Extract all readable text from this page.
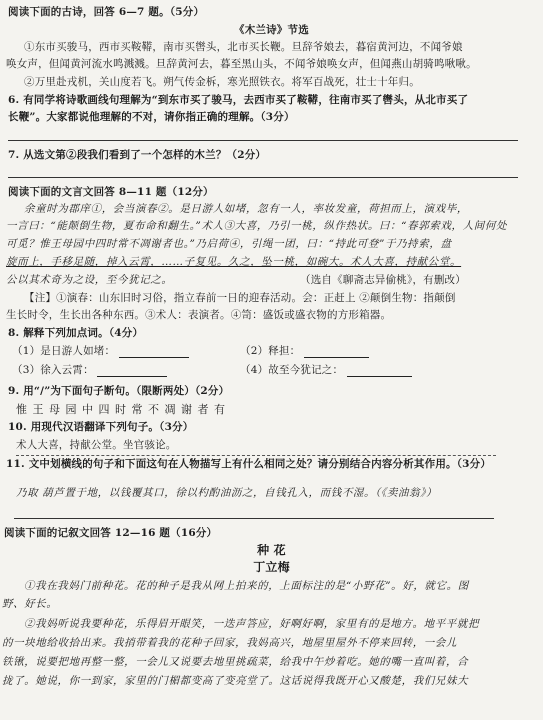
阅读下面的古诗，回答 6—7 题。（5分）
《木兰诗》节选
①东市买骏马，西市买鞍鞯，南市买辔头，北市买长鞭。旦辞爷娘去，暮宿黄河边，不闻爷娘
唤女声，但闻黄河流水鸣溅溅。旦辞黄河去，暮至黑山头，不闻爷娘唤女声，但闻燕山胡骑鸣啾啾。
②万里赴戎机，关山度若飞。朔气传金柝，寒光照铁衣。将军百战死，壮士十年归。
6. 有同学将诗歌画线句理解为“到东市买了骏马，去西市买了鞍鞯，往南市买了辔头，从北市买了
长鞭”。大家都说他理解的不对，请你指正确的理解。（3分）
7. 从选文第②段我们看到了一个怎样的木兰？（2分）
阅读下面的文言文回答 8—11 题（12分）
余童时为郡庠①，会当演春②。是日游人如堵，忽有一人，率妆发童，荷担而上，演戏毕，
一言曰：“能颠倒生物，夏布命和翻生。”术人③大喜，乃引一桃，纵作热状。曰：“春郭索戏，人间何处
可觅？惟王母园中四时常不凋谢者也。”乃启荷④，引绳一团，曰：“持此可登”于乃持索，盘
旋而上，手移足随，掉入云霄，……子复见。久之，坠一桃，如碗大。术人大喜，持献公堂。
公以其术奇为之设，至今犹记之。	（选自《聊斋志异偷桃》，有删改）
【注】①演春：山东旧时习俗，指立春前一日的迎春活动。会：正赶上 ②颠倒生物：指颠倒
生长时令，生长出各种东西。③术人：表演者。④笥：盛饭或盛衣物的方形箱器。
8. 解释下列加点词。（4分）
（1）是日游人如堵：	（2）释担：
（3）徐入云霄：	（4）故至今犹记之：
9. 用“/”为下面句子断句。（限断两处）（2分）
惟 王 母 园 中 四 时 常 不 凋 谢 者 有
10. 用现代汉语翻译下列句子。（3分）
术人大喜，持献公堂。坐官骇论。
11. 文中划横线的句子和下面这句在人物描写上有什么相同之处？请分别结合内容分析其作用。（3分）
乃取 葫芦置于地，以钱覆其口，徐以杓酌油沥之，自钱孔入，而钱不湿。（《卖油翁》）
阅读下面的记叙文回答 12—16 题（16分）
种 花
丁立梅
①我在我妈门前种花。花的种子是我从网上拍来的，上面标注的是“小野花”。好，就它。图
野、好长。
②我妈听说我要种花，乐得眉开眼笑，一迭声答应，好啊好啊，家里有的是地方。地平平就把
的一块地给收拾出来。我捎带着我的花种子回家，我妈高兴，地屋里屋外不停来回转，一会儿
铁锹，说要把地再整一整，一会儿又说要去地里挑疏菜，给我中午炒着吃。她的嘴一直叫着，合
拢了。她说，你一到家，家里的门楣都变高了变亮堂了。这话说得我既开心又酸楚，我们兄妹大
